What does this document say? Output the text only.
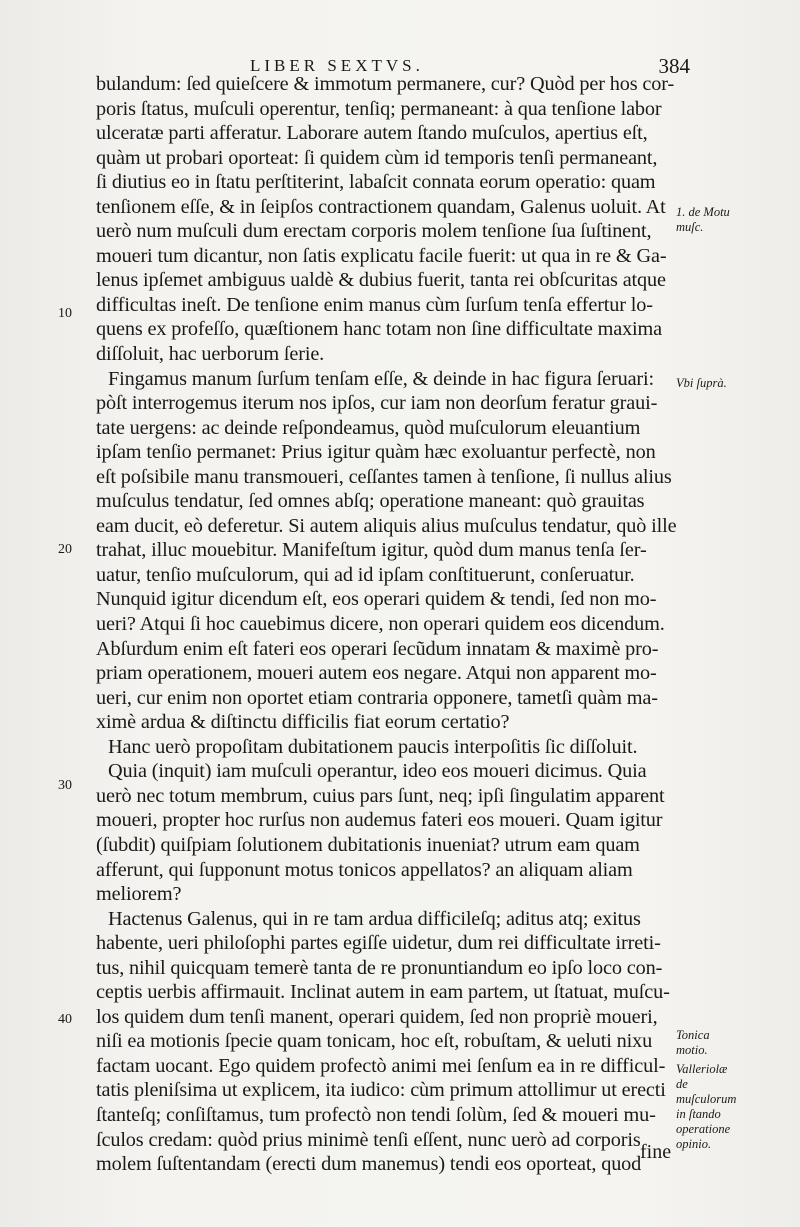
LIBER SEXTVS.	384
bulandum: ſed quieſcere & immotum permanere, cur? Quòd per hos cor-
poris ſtatus, muſculi operentur, tenſiq; permaneant: à qua tenſione labor
ulceratæ parti afferatur. Laborare autem ſtando muſculos, apertius eſt,
quàm ut probari oporteat: ſi quidem cùm id temporis tenſi permaneant,
ſi diutius eo in ſtatu perſtiterint, labaſcit connata eorum operatio: quam
tenſionem eſſe, & in ſeipſos contractionem quandam, Galenus uoluit. At
uerò num muſculi dum erectam corporis molem tenſione ſua ſuſtinent,
moueri tum dicantur, non ſatis explicatu facile fuerit: ut qua in re & Ga-
lenus ipſemet ambiguus ualdè & dubius fuerit, tanta rei obſcuritas atque
difficultas ineſt. De tenſione enim manus cùm ſurſum tenſa effertur lo-
quens ex profeſſo, quæſtionem hanc totam non ſine difficultate maxima
diſſoluit, hac uerborum ſerie.
Fingamus manum ſurſum tenſam eſſe, & deinde in hac figura ſeruari:
pòſt interrogemus iterum nos ipſos, cur iam non deorſum feratur graui-
tate uergens: ac deinde reſpondeamus, quòd muſculorum eleuantium
ipſam tenſio permanet: Prius igitur quàm hæc exoluantur perfectè, non
eſt poſsibile manu transmoueri, ceſſantes tamen à tenſione, ſi nullus alius
muſculus tendatur, ſed omnes abſq; operatione maneant: quò grauitas
eam ducit, eò deferetur. Si autem aliquis alius muſculus tendatur, quò ille
trahat, illuc mouebitur. Manifeſtum igitur, quòd dum manus tenſa ſer-
uatur, tenſio muſculorum, qui ad id ipſam conſtituerunt, conſeruatur.
Nunquid igitur dicendum eſt, eos operari quidem & tendi, ſed non mo-
ueri? Atqui ſi hoc cauebimus dicere, non operari quidem eos dicendum.
Abſurdum enim eſt fateri eos operari ſecũdum innatam & maximè pro-
priam operationem, moueri autem eos negare. Atqui non apparent mo-
ueri, cur enim non oportet etiam contraria opponere, tametſi quàm ma-
ximè ardua & diſtinctu difficilis fiat eorum certatio?
Hanc uerò propoſitam dubitationem paucis interpoſitis ſic diſſoluit.
Quia (inquit) iam muſculi operantur, ideo eos moueri dicimus. Quia
uerò nec totum membrum, cuius pars ſunt, neq; ipſi ſingulatim apparent
moueri, propter hoc rurſus non audemus fateri eos moueri. Quam igitur
(ſubdit) quiſpiam ſolutionem dubitationis inueniat? utrum eam quam
afferunt, qui ſupponunt motus tonicos appellatos? an aliquam aliam
meliorem?
Hactenus Galenus, qui in re tam ardua difficileſq; aditus atq; exitus
habente, ueri philoſophi partes egiſſe uidetur, dum rei difficultate irreti-
tus, nihil quicquam temerè tanta de re pronuntiandum eo ipſo loco con-
ceptis uerbis affirmauit. Inclinat autem in eam partem, ut ſtatuat, muſcu-
los quidem dum tenſi manent, operari quidem, ſed non propriè moueri,
niſi ea motionis ſpecie quam tonicam, hoc eſt, robuſtam, & ueluti nixu
factam uocant. Ego quidem profectò animi mei ſenſum ea in re difficul-
tatis pleniſsima ut explicem, ita iudico: cùm primum attollimur ut erecti
ſtanteſq; conſiſtamus, tum profectò non tendi ſolùm, ſed & moueri mu-
ſculos credam: quòd prius minimè tenſi eſſent, nunc uerò ad corporis
molem ſuſtentandam (erecti dum manemus) tendi eos oporteat, quod
10
20
30
40
1. de Motu muſc.
Vbi ſuprà.
Tonica motio.
Valleriolæ de muſculorum in ſtando operatione opinio.
fine
